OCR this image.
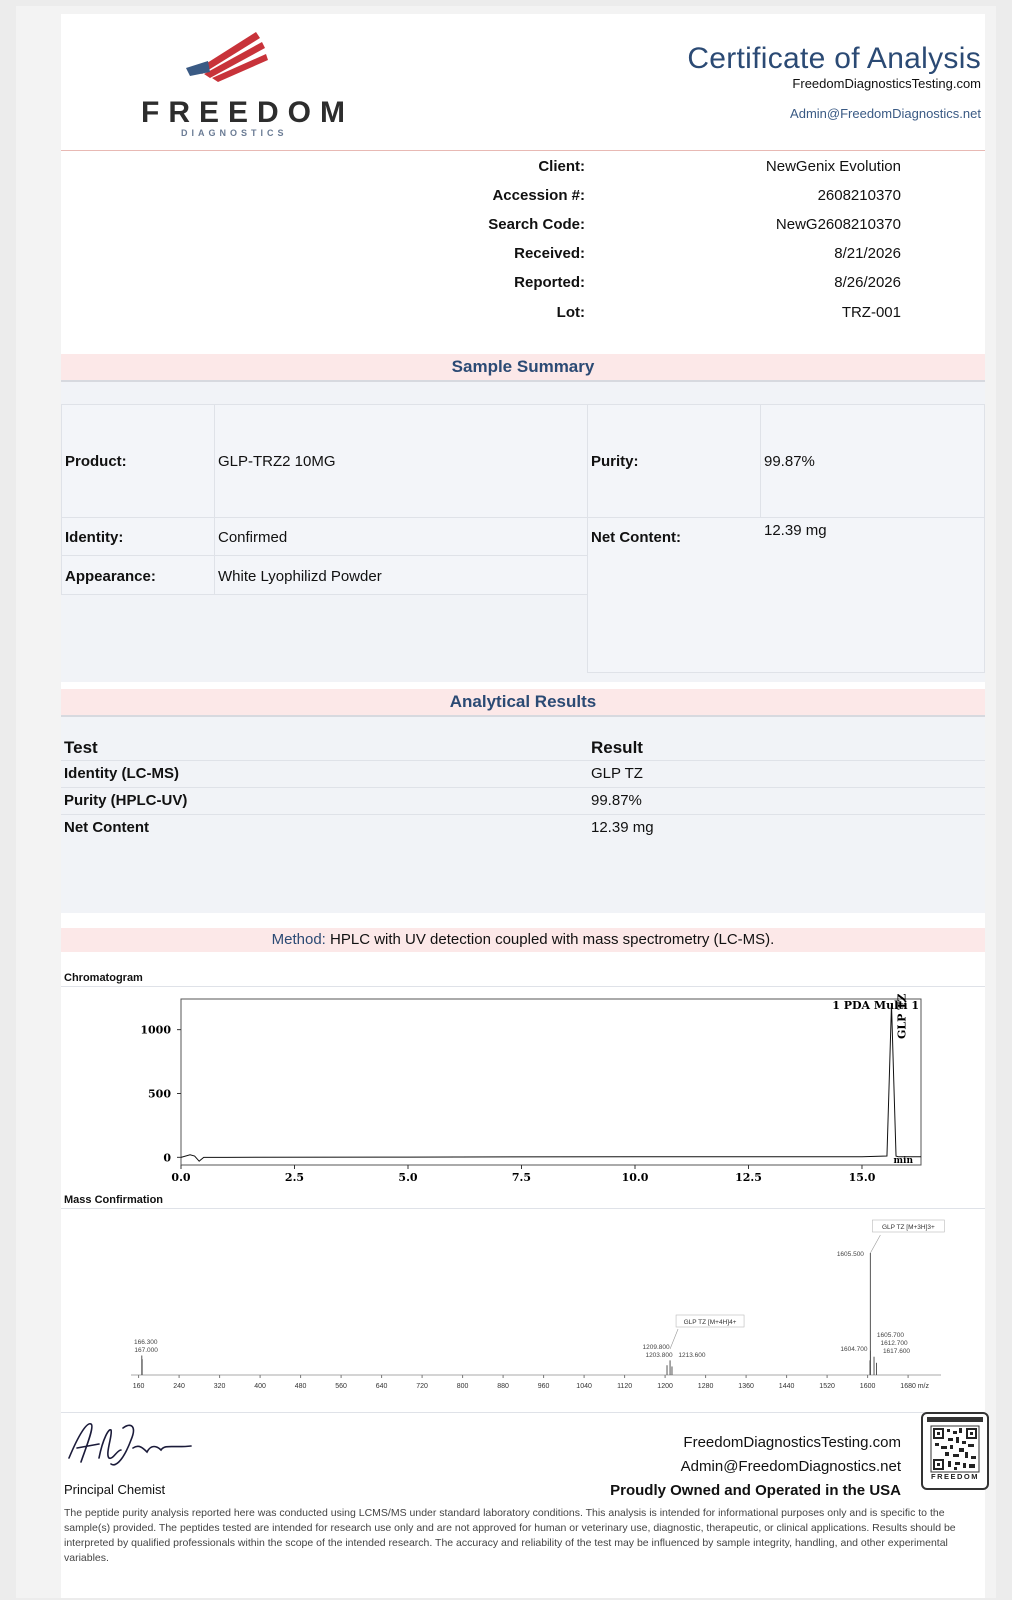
FREEDOM
DIAGNOSTICS
Certificate of Analysis
FreedomDiagnosticsTesting.com
Admin@FreedomDiagnostics.net
Client:	NewGenix Evolution
Accession #:	2608210370
Search Code:	NewG2608210370
Received:	8/21/2026
Reported:	8/26/2026
Lot:	TRZ-001
Sample Summary
Product:	GLP-TRZ2 10MG	Purity:	99.87%
Identity:	Confirmed	Net Content:	12.39 mg
Appearance:	White Lyophilizd Powder
Analytical Results
Test	Result
Identity (LC-MS)	GLP TZ
Purity (HPLC-UV)	99.87%
Net Content	12.39 mg
Method: HPLC with UV detection coupled with mass spectrometry (LC-MS).
Chromatogram
0.0	2.5	5.0	7.5	10.0	12.5	15.0
0
500
1000
min
1 PDA Multi 1
GLP TZ
Mass Confirmation
160	240	320	400	480	560	640	720	800	880	960	1040	1120	1200	1280	1360	1440	1520	1600	1680 m/z
166.300
167.000	1209.800
1213.600
1203.800
1605.500
1604.700
1605.700
1612.700
1617.600
GLP TZ [M+4H]4+
GLP TZ [M+3H]3+
Principal Chemist
FreedomDiagnosticsTesting.com
Admin@FreedomDiagnostics.net
Proudly Owned and Operated in the USA
FREEDOM
The peptide purity analysis reported here was conducted using LCMS/MS under standard laboratory conditions. This analysis is intended for informational purposes only and is specific to the sample(s) provided. The peptides tested are intended for research use only and are not approved for human or veterinary use, diagnostic, therapeutic, or clinical applications. Results should be interpreted by qualified professionals within the scope of the intended research. The accuracy and reliability of the test may be influenced by sample integrity, handling, and other experimental variables.
